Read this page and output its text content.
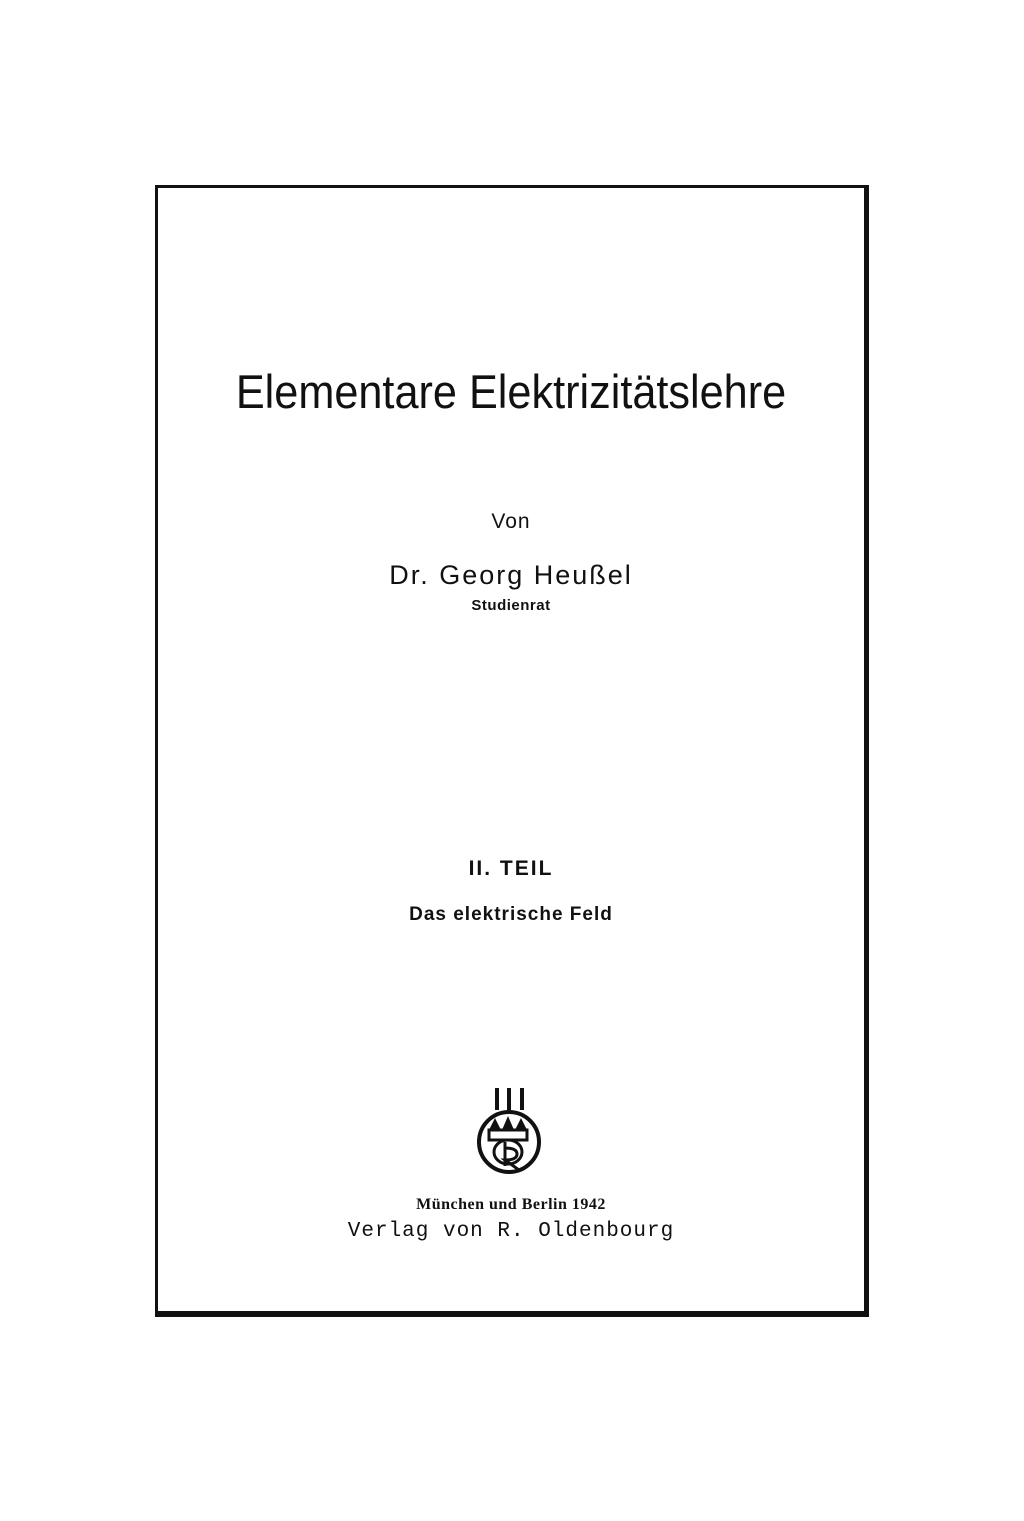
Elementare Elektrizitätslehre
Von
Dr. Georg Heußel
Studienrat
II. TEIL
Das elektrische Feld
München und Berlin 1942
Verlag von R. Oldenbourg
